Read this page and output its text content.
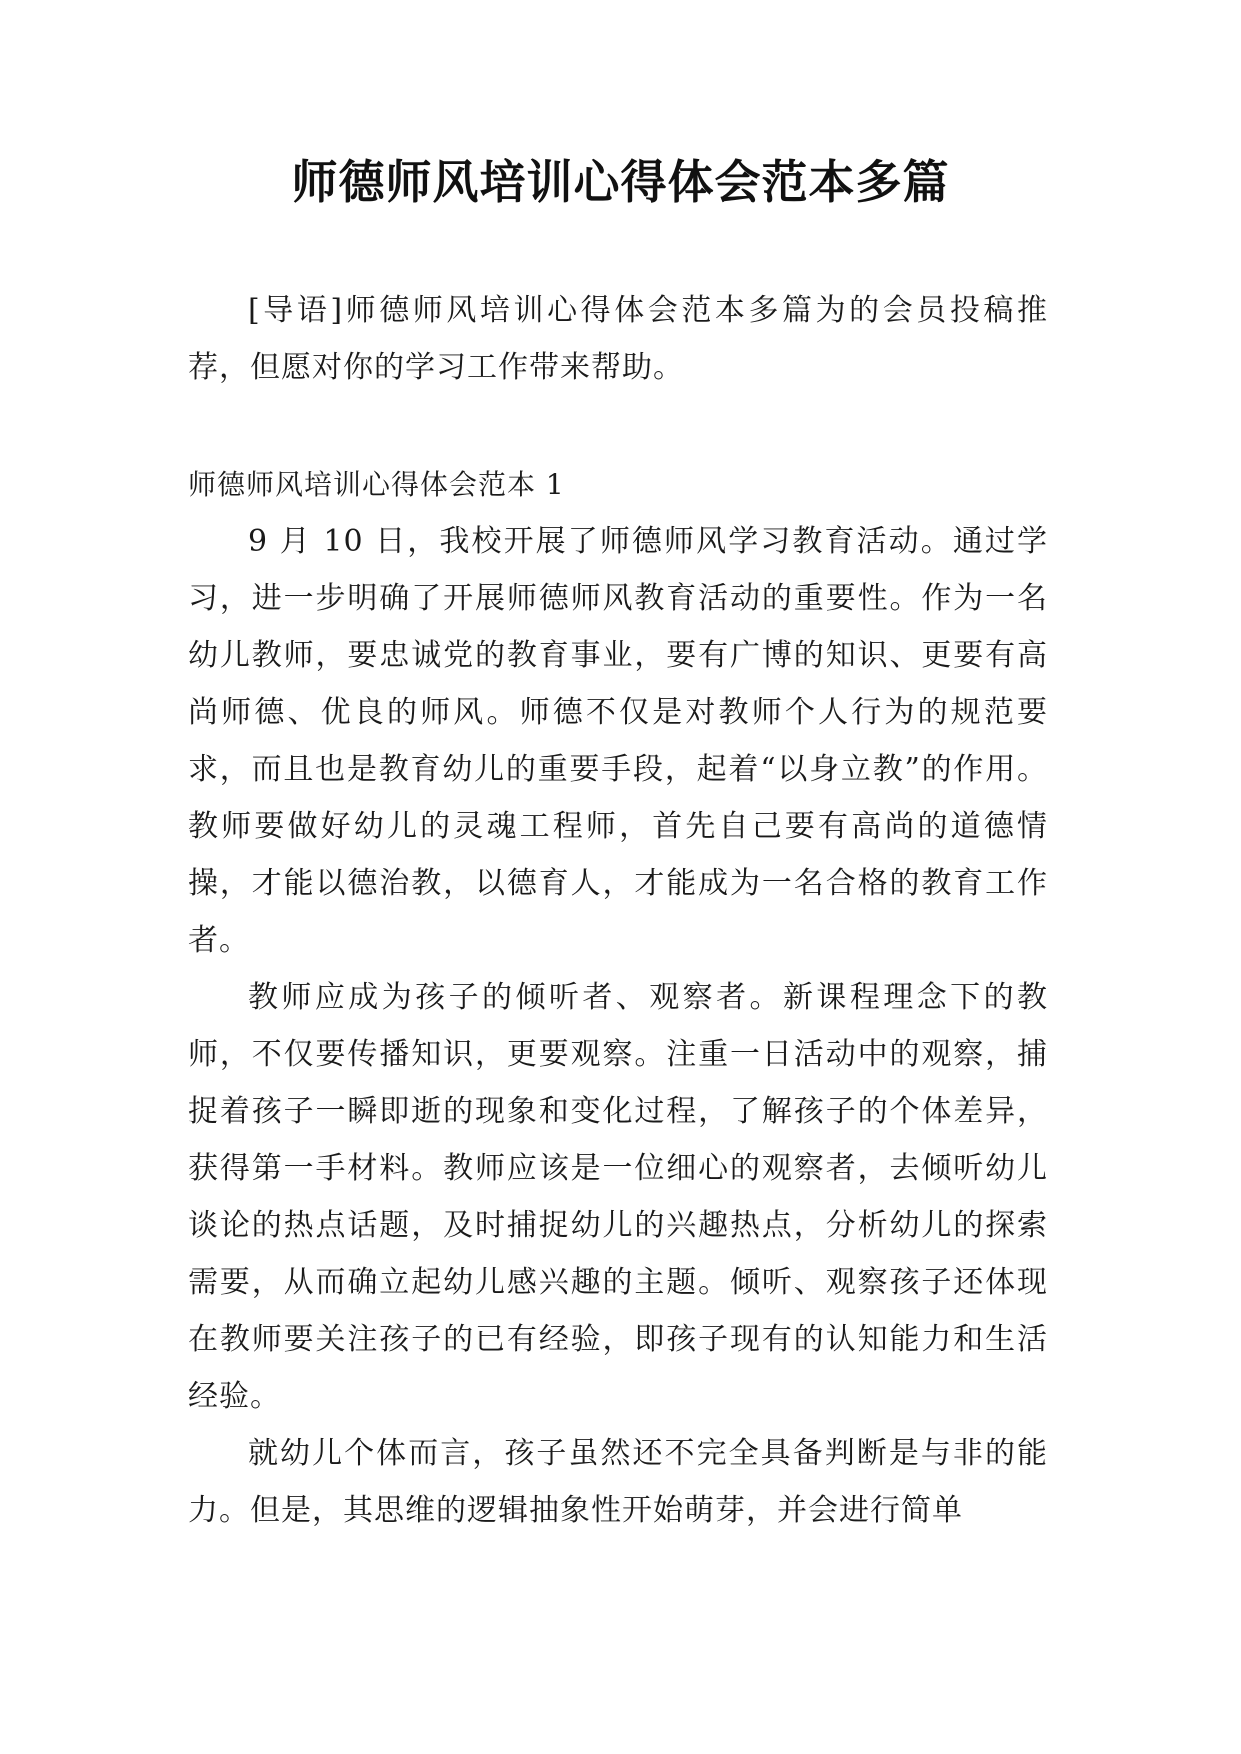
师德师风培训心得体会范本多篇

[导语]师德师风培训心得体会范本多篇为的会员投稿推荐，但愿对你的学习工作带来帮助。

师德师风培训心得体会范本 1

9 月 10 日，我校开展了师德师风学习教育活动。通过学习，进一步明确了开展师德师风教育活动的重要性。作为一名幼儿教师，要忠诚党的教育事业，要有广博的知识、更要有高尚师德、优良的师风。师德不仅是对教师个人行为的规范要求，而且也是教育幼儿的重要手段，起着“以身立教”的作用。教师要做好幼儿的灵魂工程师，首先自己要有高尚的道德情操，才能以德治教，以德育人，才能成为一名合格的教育工作者。

教师应成为孩子的倾听者、观察者。新课程理念下的教师，不仅要传播知识，更要观察。注重一日活动中的观察，捕捉着孩子一瞬即逝的现象和变化过程，了解孩子的个体差异，获得第一手材料。教师应该是一位细心的观察者，去倾听幼儿谈论的热点话题，及时捕捉幼儿的兴趣热点，分析幼儿的探索需要，从而确立起幼儿感兴趣的主题。倾听、观察孩子还体现在教师要关注孩子的已有经验，即孩子现有的认知能力和生活经验。

就幼儿个体而言，孩子虽然还不完全具备判断是与非的能力。但是，其思维的逻辑抽象性开始萌芽，并会进行简单
